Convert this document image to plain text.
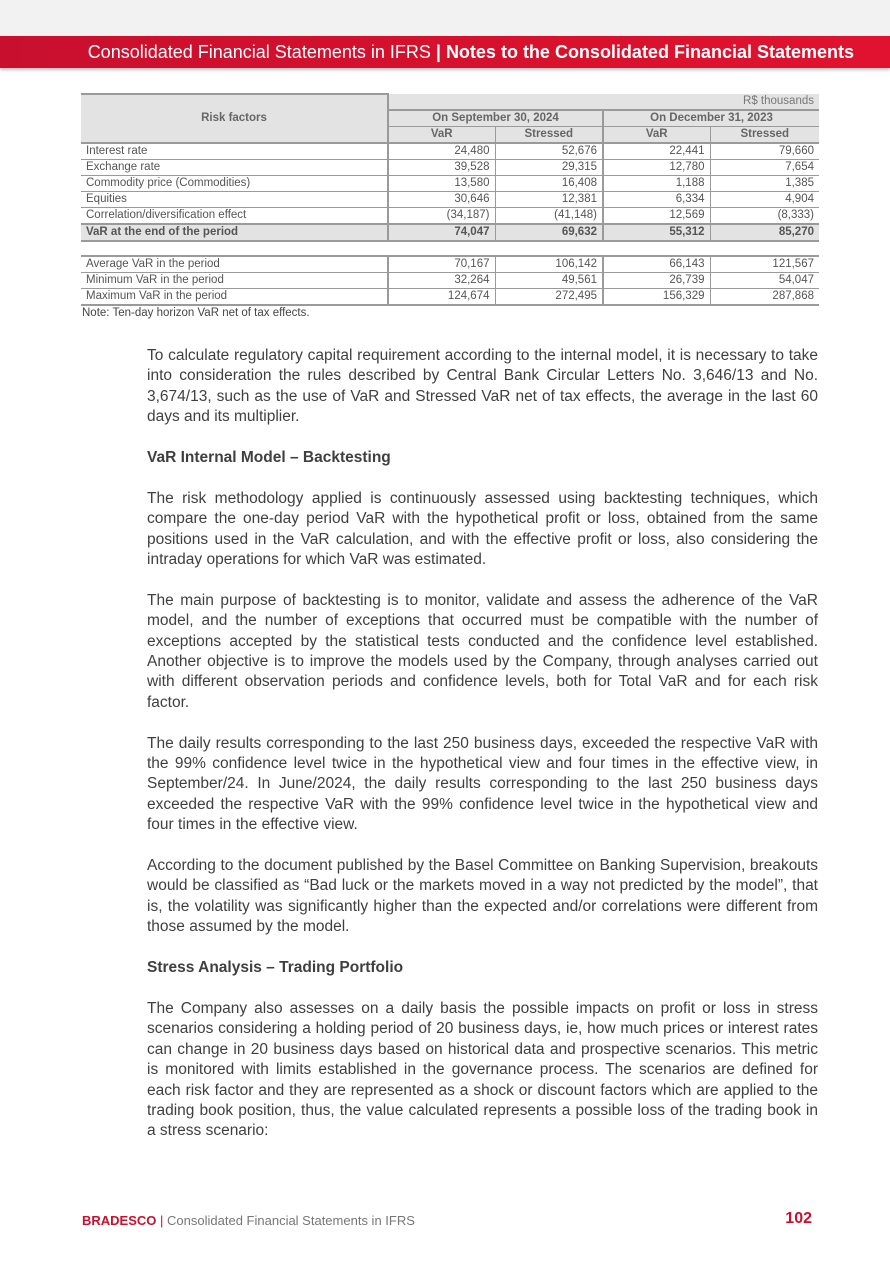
Consolidated Financial Statements in IFRS | Notes to the Consolidated Financial Statements
Risk factors	R$ thousands			
	On September 30, 2024		On December 31, 2023	
	VaR	Stressed	VaR	Stressed
Interest rate	24,480	52,676	22,441	79,660
Exchange rate	39,528	29,315	12,780	7,654
Commodity price (Commodities)	13,580	16,408	1,188	1,385
Equities	30,646	12,381	6,334	4,904
Correlation/diversification effect	(34,187)	(41,148)	12,569	(8,333)
VaR at the end of the period	74,047	69,632	55,312	85,270

Average VaR in the period	70,167	106,142	66,143	121,567
Minimum VaR in the period	32,264	49,561	26,739	54,047
Maximum VaR in the period	124,674	272,495	156,329	287,868
Note: Ten-day horizon VaR net of tax effects.

To calculate regulatory capital requirement according to the internal model, it is necessary to take into consideration the rules described by Central Bank Circular Letters No. 3,646/13 and No. 3,674/13, such as the use of VaR and Stressed VaR net of tax effects, the average in the last 60 days and its multiplier.

VaR Internal Model – Backtesting

The risk methodology applied is continuously assessed using backtesting techniques, which compare the one-day period VaR with the hypothetical profit or loss, obtained from the same positions used in the VaR calculation, and with the effective profit or loss, also considering the intraday operations for which VaR was estimated.

The main purpose of backtesting is to monitor, validate and assess the adherence of the VaR model, and the number of exceptions that occurred must be compatible with the number of exceptions accepted by the statistical tests conducted and the confidence level established. Another objective is to improve the models used by the Company, through analyses carried out with different observation periods and confidence levels, both for Total VaR and for each risk factor.

The daily results corresponding to the last 250 business days, exceeded the respective VaR with the 99% confidence level twice in the hypothetical view and four times in the effective view, in September/24. In June/2024, the daily results corresponding to the last 250 business days exceeded the respective VaR with the 99% confidence level twice in the hypothetical view and four times in the effective view.

According to the document published by the Basel Committee on Banking Supervision, breakouts would be classified as “Bad luck or the markets moved in a way not predicted by the model”, that is, the volatility was significantly higher than the expected and/or correlations were different from those assumed by the model.

Stress Analysis – Trading Portfolio

The Company also assesses on a daily basis the possible impacts on profit or loss in stress scenarios considering a holding period of 20 business days, ie, how much prices or interest rates can change in 20 business days based on historical data and prospective scenarios. This metric is monitored with limits established in the governance process. The scenarios are defined for each risk factor and they are represented as a shock or discount factors which are applied to the trading book position, thus, the value calculated represents a possible loss of the trading book in a stress scenario:

BRADESCO | Consolidated Financial Statements in IFRS	102
